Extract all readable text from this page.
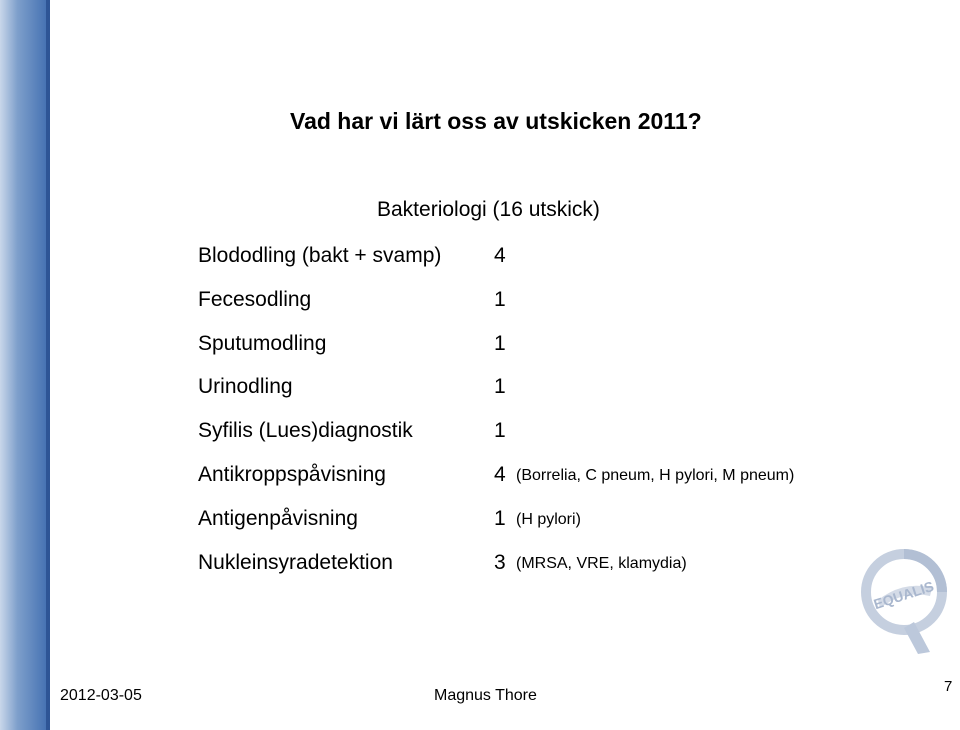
Vad har vi lärt oss av utskicken 2011?
Bakteriologi (16 utskick)
Blododling (bakt + svamp)	4
Fecesodling	1
Sputumodling	1
Urinodling	1
Syfilis (Lues)diagnostik	1
Antikroppspåvisning	4 (Borrelia, C pneum, H pylori, M pneum)
Antigenpåvisning	1 (H pylori)
Nukleinsyradetektion	3 (MRSA, VRE, klamydia)
EQUALIS
2012-03-05	Magnus Thore
7
